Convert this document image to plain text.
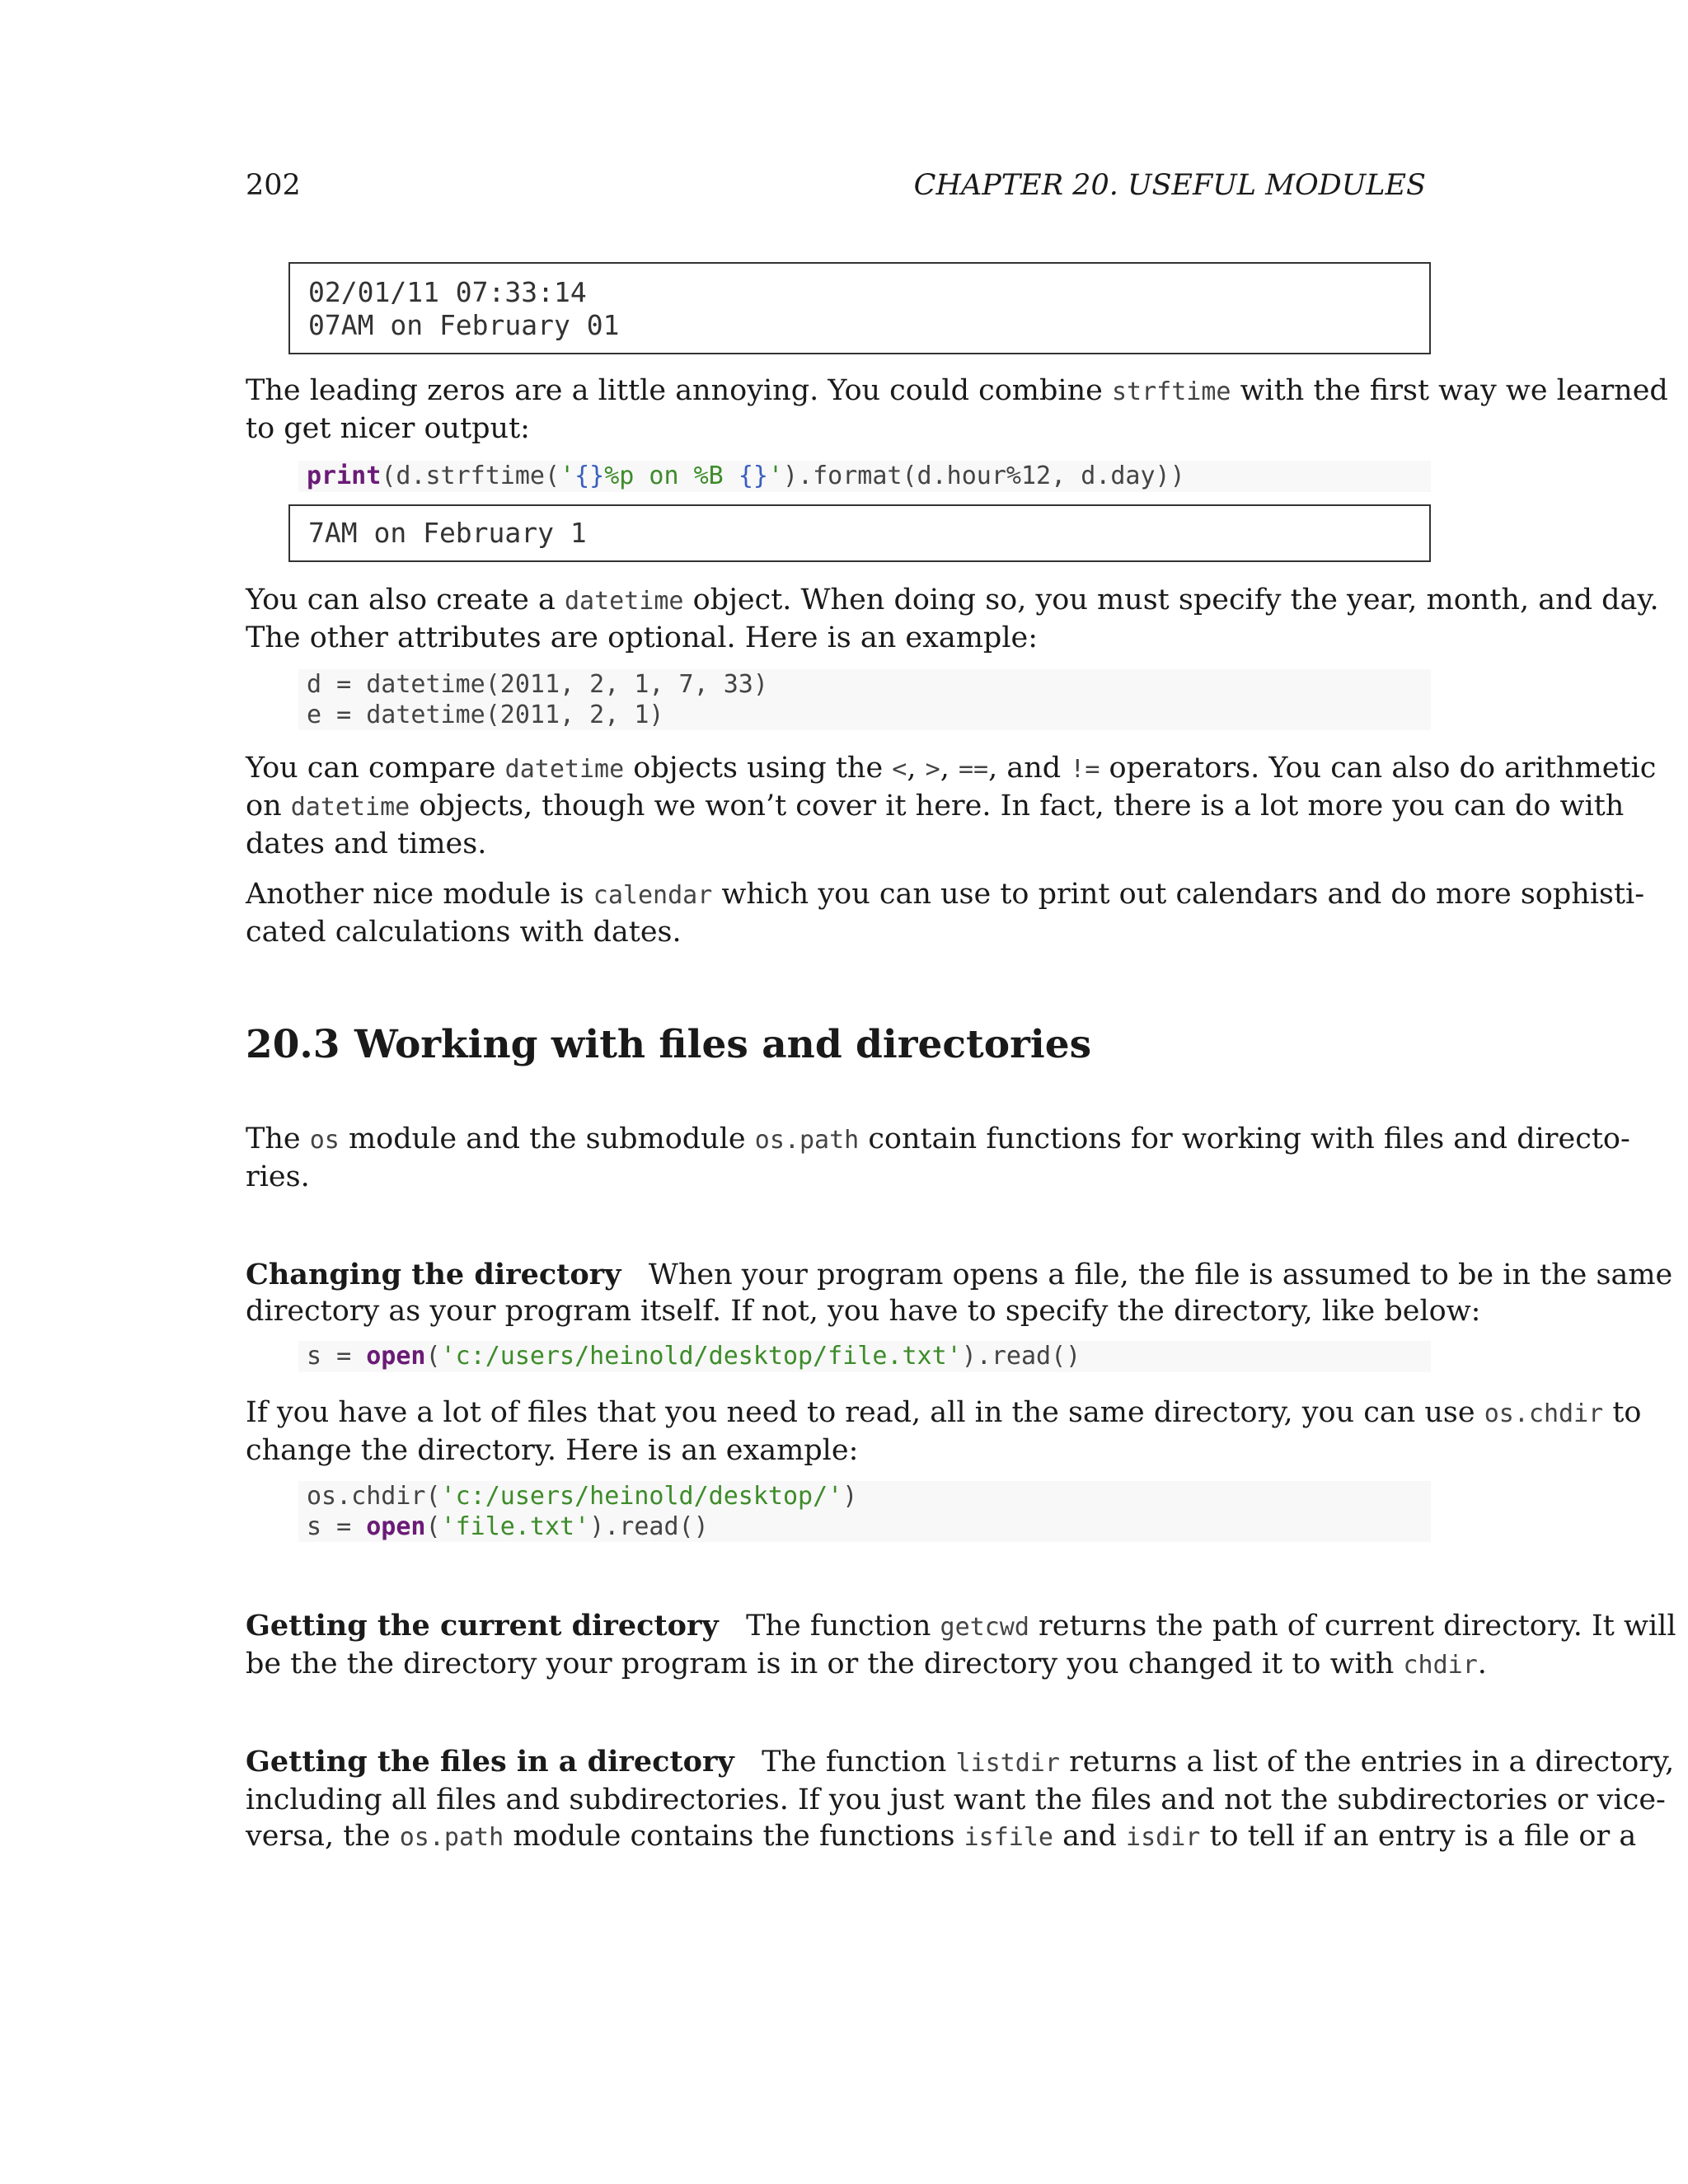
202	CHAPTER 20. USEFUL MODULES
02/01/11 07:33:14
07AM on February 01
The leading zeros are a little annoying. You could combine strftime with the first way we learned
to get nicer output:
print(d.strftime('{}%p on %B {}').format(d.hour%12, d.day))
7AM on February 1
You can also create a datetime object. When doing so, you must specify the year, month, and day.
The other attributes are optional. Here is an example:
d = datetime(2011, 2, 1, 7, 33)
e = datetime(2011, 2, 1)
You can compare datetime objects using the <, >, ==, and != operators. You can also do arithmetic
on datetime objects, though we won’t cover it here. In fact, there is a lot more you can do with
dates and times.
Another nice module is calendar which you can use to print out calendars and do more sophisti-
cated calculations with dates.
20.3 Working with files and directories
The os module and the submodule os.path contain functions for working with files and directo-
ries.
Changing the directory When your program opens a file, the file is assumed to be in the same
directory as your program itself. If not, you have to specify the directory, like below:
s = open('c:/users/heinold/desktop/file.txt').read()
If you have a lot of files that you need to read, all in the same directory, you can use os.chdir to
change the directory. Here is an example:
os.chdir('c:/users/heinold/desktop/')
s = open('file.txt').read()
Getting the current directory The function getcwd returns the path of current directory. It will
be the the directory your program is in or the directory you changed it to with chdir.
Getting the files in a directory The function listdir returns a list of the entries in a directory,
including all files and subdirectories. If you just want the files and not the subdirectories or vice-
versa, the os.path module contains the functions isfile and isdir to tell if an entry is a file or a
